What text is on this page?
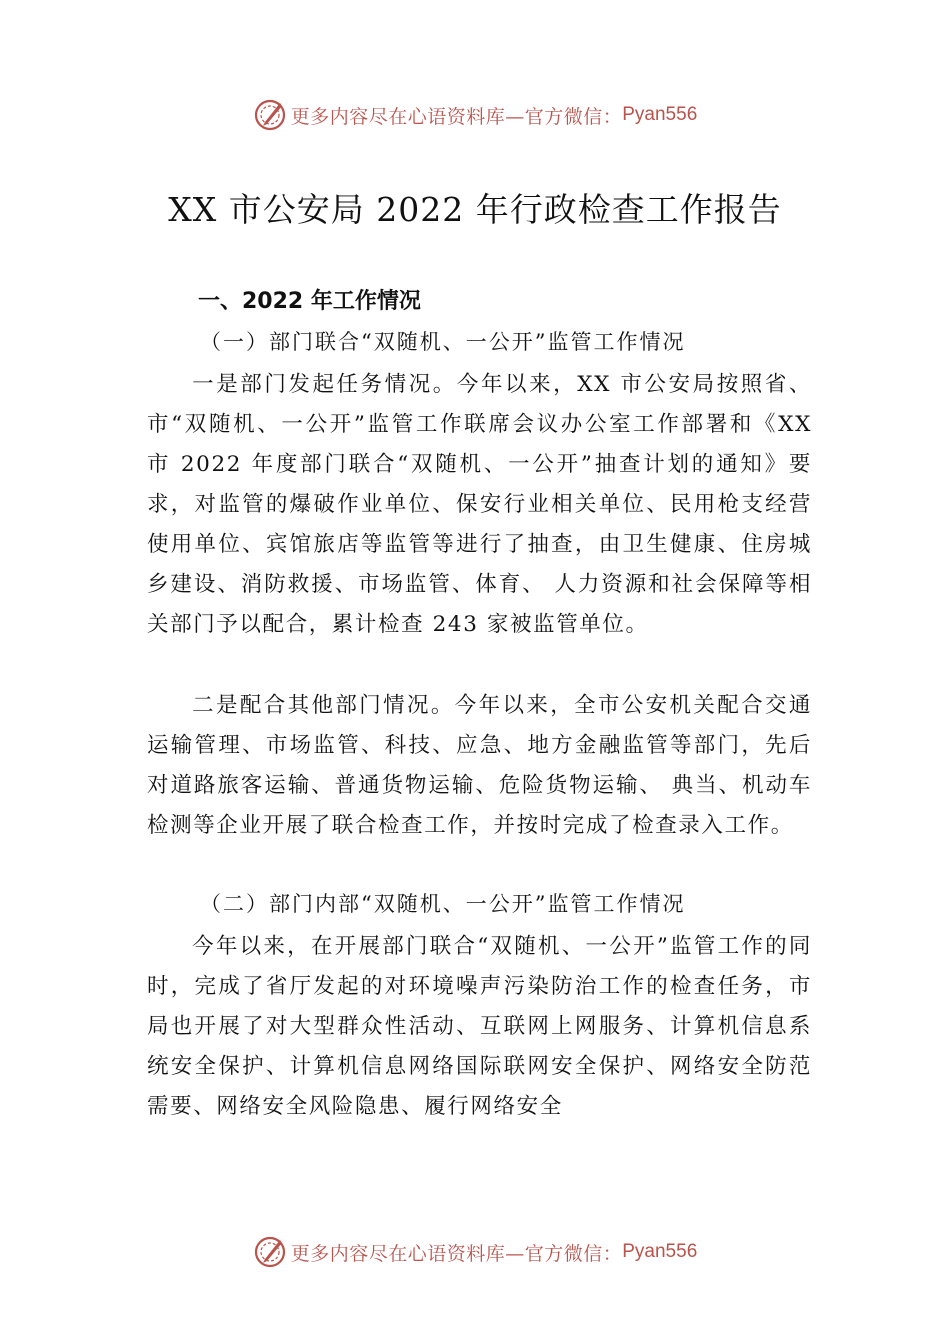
更多内容尽在心语资料库—官方微信： Pyan556
XX 市公安局 2022 年行政检查工作报告
一、2022 年工作情况
（一）部门联合“双随机、一公开”监管工作情况

一是部门发起任务情况。今年以来，XX 市公安局按照省、市“双随机、一公开”监管工作联席会议办公室工作部署和《XX 市 2022 年度部门联合“双随机、一公开”抽查计划的通知》要求，对监管的爆破作业单位、保安行业相关单位、民用枪支经营使用单位、宾馆旅店等监管等进行了抽查，由卫生健康、住房城乡建设、消防救援、市场监管、体育、 人力资源和社会保障等相关部门予以配合，累计检查 243 家被监管单位。

二是配合其他部门情况。今年以来，全市公安机关配合交通运输管理、市场监管、科技、应急、地方金融监管等部门，先后对道路旅客运输、普通货物运输、危险货物运输、 典当、机动车检测等企业开展了联合检查工作，并按时完成了检查录入工作。

（二）部门内部“双随机、一公开”监管工作情况

今年以来，在开展部门联合“双随机、一公开”监管工作的同时，完成了省厅发起的对环境噪声污染防治工作的检查任务，市局也开展了对大型群众性活动、互联网上网服务、计算机信息系统安全保护、计算机信息网络国际联网安全保护、网络安全防范需要、网络安全风险隐患、履行网络安全

更多内容尽在心语资料库—官方微信： Pyan556
